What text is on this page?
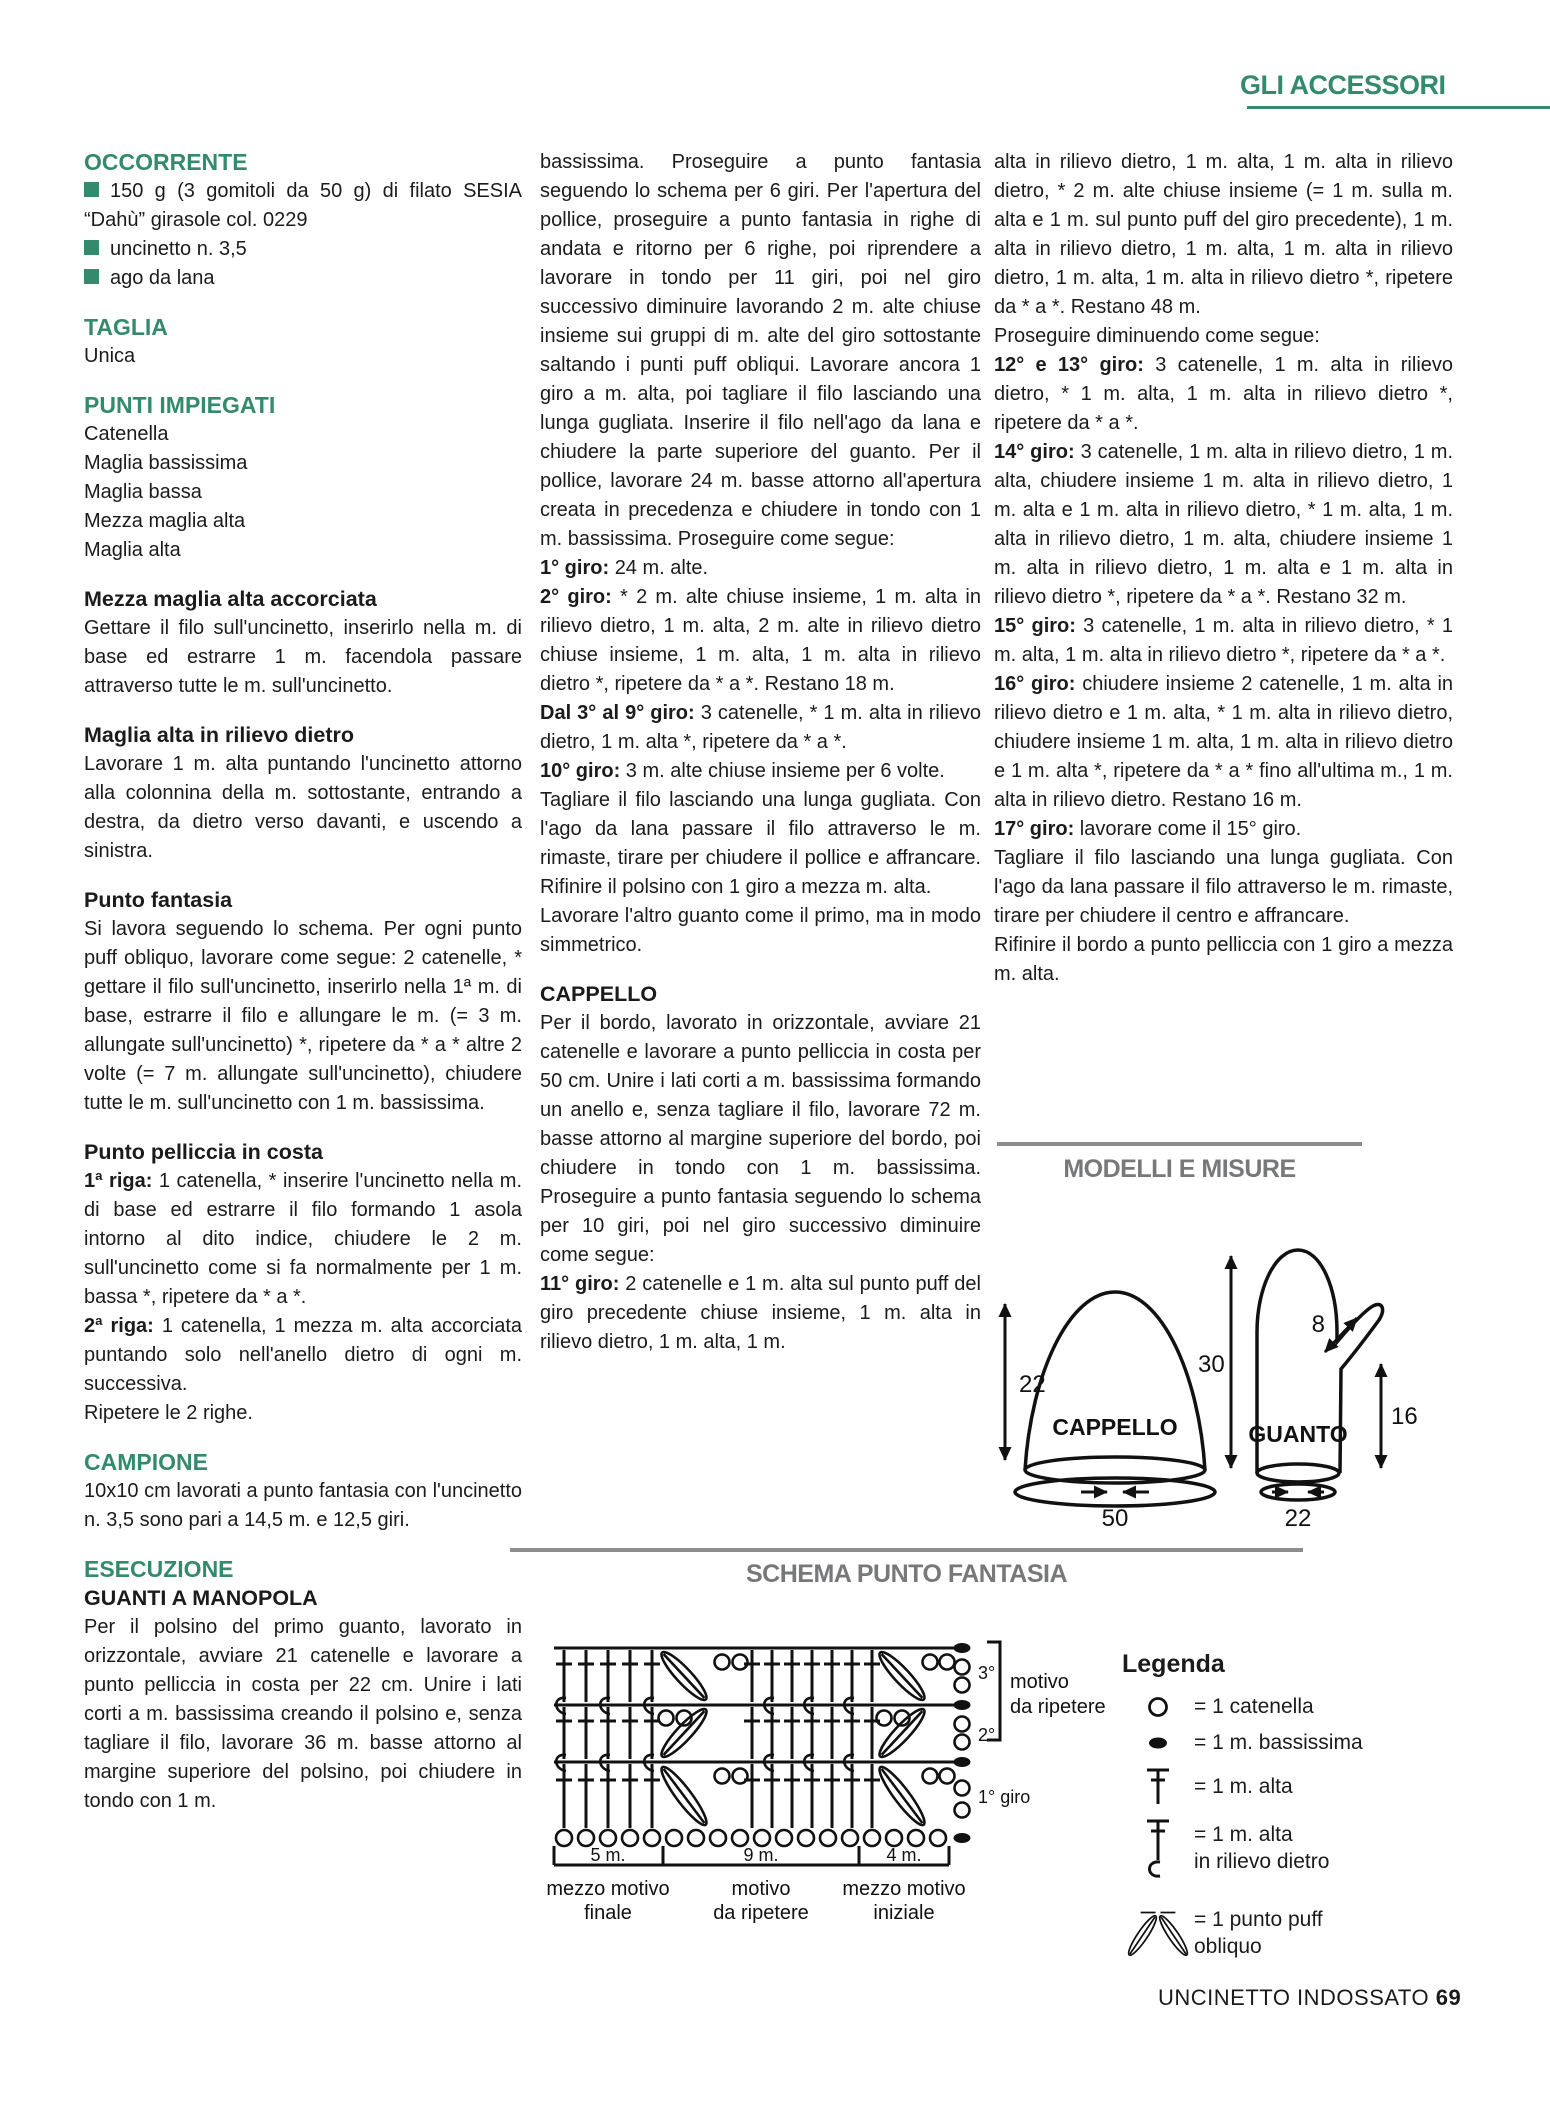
GLI ACCESSORI

OCCORRENTE

150 g (3 gomitoli da 50 g) di filato SESIA “Dahù” girasole col. 0229

uncinetto n. 3,5

ago da lana

TAGLIA

Unica

PUNTI IMPIEGATI

Catenella

Maglia bassissima

Maglia bassa

Mezza maglia alta

Maglia alta

Mezza maglia alta accorciata

Gettare il filo sull'uncinetto, inserirlo nella m. di base ed estrarre 1 m. facendola passare attraverso tutte le m. sull'uncinetto.

Maglia alta in rilievo dietro

Lavorare 1 m. alta puntando l'uncinetto attorno alla colonnina della m. sottostante, entrando a destra, da dietro verso davanti, e uscendo a sinistra.

Punto fantasia

Si lavora seguendo lo schema. Per ogni punto puff obliquo, lavorare come segue: 2 catenelle, * gettare il filo sull'uncinetto, inserirlo nella 1ª m. di base, estrarre il filo e allungare le m. (= 3 m. allungate sull'uncinetto) *, ripetere da * a * altre 2 volte (= 7 m. allungate sull'uncinetto), chiudere tutte le m. sull'uncinetto con 1 m. bassissima.

Punto pelliccia in costa

1ª riga: 1 catenella, * inserire l'uncinetto nella m. di base ed estrarre il filo formando 1 asola intorno al dito indice, chiudere le 2 m. sull'uncinetto come si fa normalmente per 1 m. bassa *, ripetere da * a *.

2ª riga: 1 catenella, 1 mezza m. alta accorciata puntando solo nell'anello dietro di ogni m. successiva.

Ripetere le 2 righe.

CAMPIONE

10x10 cm lavorati a punto fantasia con l'uncinetto n. 3,5 sono pari a 14,5 m. e 12,5 giri.

ESECUZIONE

GUANTI A MANOPOLA

Per il polsino del primo guanto, lavorato in orizzontale, avviare 21 catenelle e lavorare a punto pelliccia in costa per 22 cm. Unire i lati corti a m. bassissima creando il polsino e, senza tagliare il filo, lavorare 36 m. basse attorno al margine superiore del polsino, poi chiudere in tondo con 1 m.

bassissima. Proseguire a punto fantasia seguendo lo schema per 6 giri. Per l'apertura del pollice, proseguire a punto fantasia in righe di andata e ritorno per 6 righe, poi riprendere a lavorare in tondo per 11 giri, poi nel giro successivo diminuire lavorando 2 m. alte chiuse insieme sui gruppi di m. alte del giro sottostante saltando i punti puff obliqui. Lavorare ancora 1 giro a m. alta, poi tagliare il filo lasciando una lunga gugliata. Inserire il filo nell'ago da lana e chiudere la parte superiore del guanto. Per il pollice, lavorare 24 m. basse attorno all'apertura creata in precedenza e chiudere in tondo con 1 m. bassissima. Proseguire come segue:

1° giro: 24 m. alte.

2° giro: * 2 m. alte chiuse insieme, 1 m. alta in rilievo dietro, 1 m. alta, 2 m. alte in rilievo dietro chiuse insieme, 1 m. alta, 1 m. alta in rilievo dietro *, ripetere da * a *. Restano 18 m.

Dal 3° al 9° giro: 3 catenelle, * 1 m. alta in rilievo dietro, 1 m. alta *, ripetere da * a *.

10° giro: 3 m. alte chiuse insieme per 6 volte.

Tagliare il filo lasciando una lunga gugliata. Con l'ago da lana passare il filo attraverso le m. rimaste, tirare per chiudere il pollice e affrancare. Rifinire il polsino con 1 giro a mezza m. alta.

Lavorare l'altro guanto come il primo, ma in modo simmetrico.

CAPPELLO

Per il bordo, lavorato in orizzontale, avviare 21 catenelle e lavorare a punto pelliccia in costa per 50 cm. Unire i lati corti a m. bassissima formando un anello e, senza tagliare il filo, lavorare 72 m. basse attorno al margine superiore del bordo, poi chiudere in tondo con 1 m. bassissima. Proseguire a punto fantasia seguendo lo schema per 10 giri, poi nel giro successivo diminuire come segue:

11° giro: 2 catenelle e 1 m. alta sul punto puff del giro precedente chiuse insieme, 1 m. alta in rilievo dietro, 1 m. alta, 1 m.

alta in rilievo dietro, 1 m. alta, 1 m. alta in rilievo dietro, * 2 m. alte chiuse insieme (= 1 m. sulla m. alta e 1 m. sul punto puff del giro precedente), 1 m. alta in rilievo dietro, 1 m. alta, 1 m. alta in rilievo dietro, 1 m. alta, 1 m. alta in rilievo dietro *, ripetere da * a *. Restano 48 m.

Proseguire diminuendo come segue:

12° e 13° giro: 3 catenelle, 1 m. alta in rilievo dietro, * 1 m. alta, 1 m. alta in rilievo dietro *, ripetere da * a *.

14° giro: 3 catenelle, 1 m. alta in rilievo dietro, 1 m. alta, chiudere insieme 1 m. alta in rilievo dietro, 1 m. alta e 1 m. alta in rilievo dietro, * 1 m. alta, 1 m. alta in rilievo dietro, 1 m. alta, chiudere insieme 1 m. alta in rilievo dietro, 1 m. alta e 1 m. alta in rilievo dietro *, ripetere da * a *. Restano 32 m.

15° giro: 3 catenelle, 1 m. alta in rilievo dietro, * 1 m. alta, 1 m. alta in rilievo dietro *, ripetere da * a *.

16° giro: chiudere insieme 2 catenelle, 1 m. alta in rilievo dietro e 1 m. alta, * 1 m. alta in rilievo dietro, chiudere insieme 1 m. alta, 1 m. alta in rilievo dietro e 1 m. alta *, ripetere da * a * fino all'ultima m., 1 m. alta in rilievo dietro. Restano 16 m.

17° giro: lavorare come il 15° giro.

Tagliare il filo lasciando una lunga gugliata. Con l'ago da lana passare il filo attraverso le m. rimaste, tirare per chiudere il centro e affrancare.

Rifinire il bordo a punto pelliccia con 1 giro a mezza m. alta.

MODELLI E MISURE
CAPPELLO
22
50
GUANTO
30
8
16
22
SCHEMA PUNTO FANTASIA
3°
2°
1° giro
motivo
da ripetere
5 m.	9 m.	4 m.
mezzo motivo
finale
motivo
da ripetere
mezzo motivo
iniziale
Legenda
= 1 catenella
= 1 m. bassissima
= 1 m. alta
= 1 m. alta
in rilievo dietro
= 1 punto puff
obliquo
UNCINETTO INDOSSATO 69
